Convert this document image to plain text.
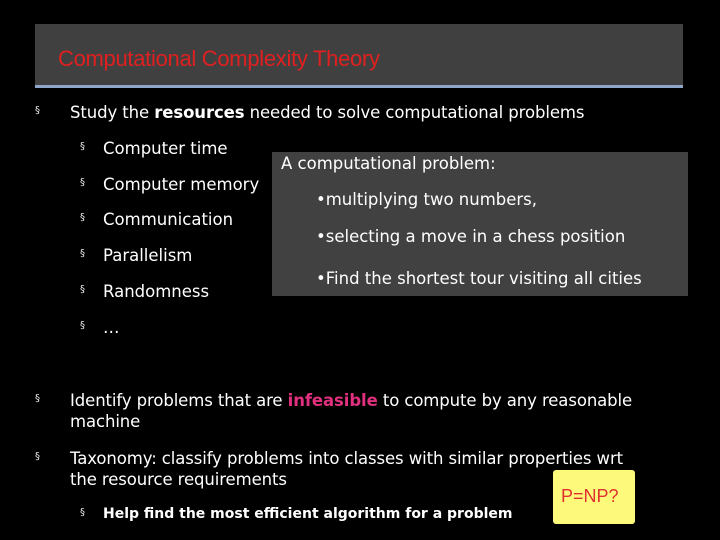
Computational Complexity Theory
§ Study the resources needed to solve computational problems
§ Computer time
§ Computer memory
§ Communication
§ Parallelism
§ Randomness
§ …
A computational problem:
•multiplying two numbers,
•selecting a move in a chess position
•Find the shortest tour visiting all cities
§ Identify problems that are infeasible to compute by any reasonable
machine
§ Taxonomy: classify problems into classes with similar properties wrt
the resource requirements
§ Help find the most efficient algorithm for a problem
P=NP?
